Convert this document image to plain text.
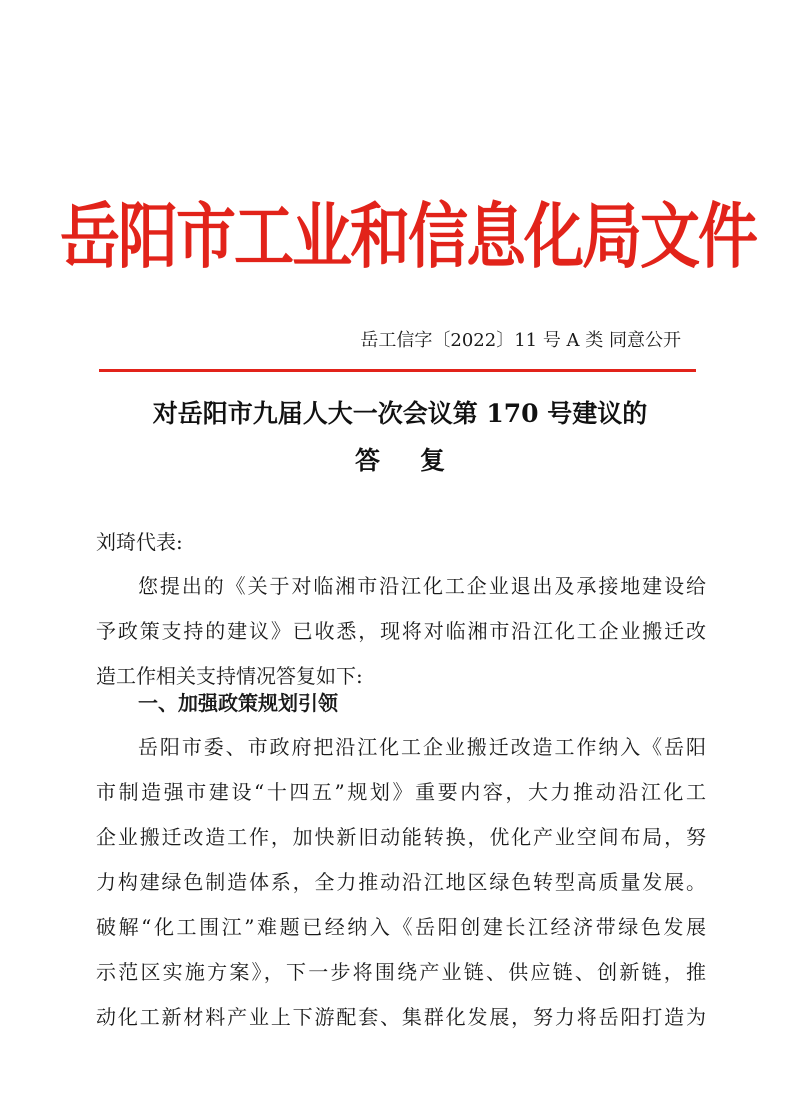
岳阳市工业和信息化局文件
岳工信字〔2022〕11 号 A 类 同意公开
对岳阳市九届人大一次会议第 170 号建议的
答复
刘琦代表:
您提出的《关于对临湘市沿江化工企业退出及承接地建设给
予政策支持的建议》已收悉，现将对临湘市沿江化工企业搬迁改
造工作相关支持情况答复如下:
一、加强政策规划引领
岳阳市委、市政府把沿江化工企业搬迁改造工作纳入《岳阳
市制造强市建设“十四五”规划》重要内容，大力推动沿江化工
企业搬迁改造工作，加快新旧动能转换，优化产业空间布局，努
力构建绿色制造体系，全力推动沿江地区绿色转型高质量发展。
破解“化工围江”难题已经纳入《岳阳创建长江经济带绿色发展
示范区实施方案》，下一步将围绕产业链、供应链、创新链，推
动化工新材料产业上下游配套、集群化发展，努力将岳阳打造为
